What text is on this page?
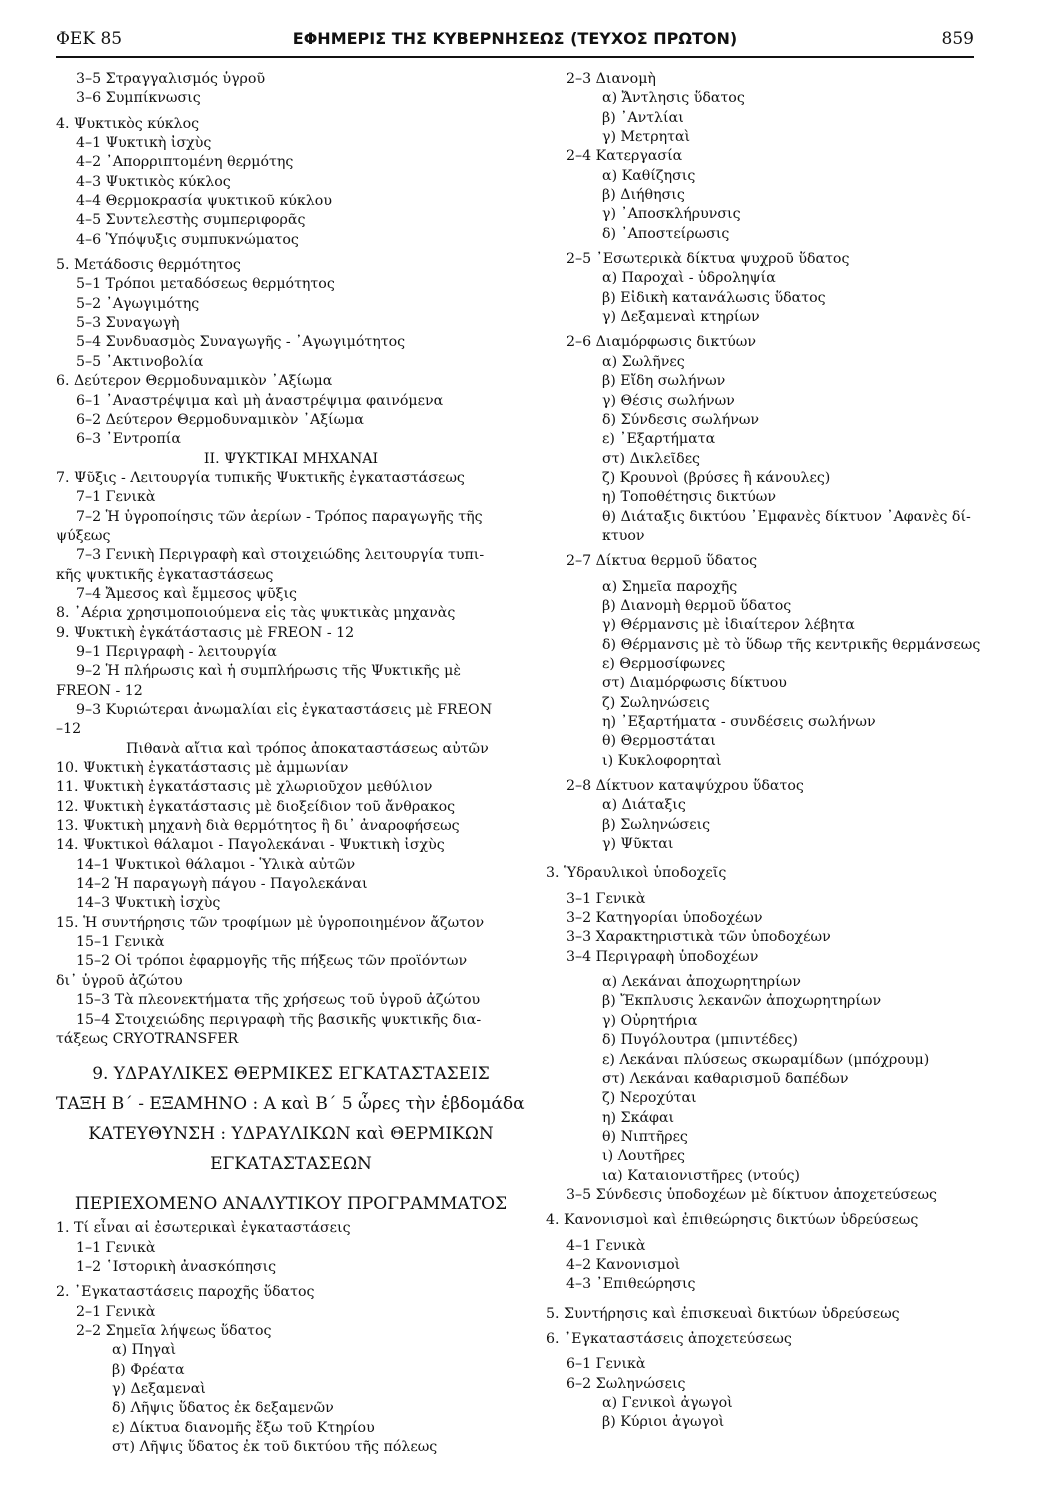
ΦΕΚ 85	ΕΦΗΜΕΡΙΣ ΤΗΣ ΚΥΒΕΡΝΗΣΕΩΣ (ΤΕΥΧΟΣ ΠΡΩΤΟΝ)	859
3–5 Στραγγαλισμός ὑγροῦ
3–6 Συμπίκνωσις
4. Ψυκτικὸς κύκλος
4–1 Ψυκτικὴ ἰσχὺς
4–2 ᾿Απορριπτομένη θερμότης
4–3 Ψυκτικὸς κύκλος
4–4 Θερμοκρασία ψυκτικοῦ κύκλου
4–5 Συντελεστὴς συμπεριφορᾶς
4–6 Ὑπόψυξις συμπυκνώματος
5. Μετάδοσις θερμότητος
5–1 Τρόποι μεταδόσεως θερμότητος
5–2 ᾿Αγωγιμότης
5–3 Συναγωγὴ
5–4 Συνδυασμὸς Συναγωγῆς - ᾿Αγωγιμότητος
5–5 ᾿Ακτινοβολία
6. Δεύτερον Θερμοδυναμικὸν ᾿Αξίωμα
6–1 ᾿Αναστρέψιμα καὶ μὴ ἀναστρέψιμα φαινόμενα
6–2 Δεύτερον Θερμοδυναμικὸν ᾿Αξίωμα
6–3 ᾿Εντροπία
ΙΙ. ΨΥΚΤΙΚΑΙ ΜΗΧΑΝΑΙ
7. Ψῦξις - Λειτουργία τυπικῆς Ψυκτικῆς ἐγκαταστάσεως
7–1 Γενικὰ
7–2 Ἡ ὑγροποίησις τῶν ἀερίων - Τρόπος παραγωγῆς τῆς
ψύξεως
7–3 Γενικὴ Περιγραφὴ καὶ στοιχειώδης λειτουργία τυπι-
κῆς ψυκτικῆς ἐγκαταστάσεως
7–4 Ἄμεσος καὶ ἔμμεσος ψῦξις
8. ᾿Αέρια χρησιμοποιούμενα εἰς τὰς ψυκτικὰς μηχανὰς
9. Ψυκτικὴ ἐγκάτάστασις μὲ FREON - 12
9–1 Περιγραφὴ - λειτουργία
9–2 Ἡ πλήρωσις καὶ ἡ συμπλήρωσις τῆς Ψυκτικῆς μὲ
FREON - 12
9–3 Κυριώτεραι ἀνωμαλίαι εἰς ἐγκαταστάσεις μὲ FREON
–12
Πιθανὰ αἴτια καὶ τρόπος ἀποκαταστάσεως αὐτῶν
10. Ψυκτικὴ ἐγκατάστασις μὲ ἀμμωνίαν
11. Ψυκτικὴ ἐγκατάστασις μὲ χλωριοῦχον μεθύλιον
12. Ψυκτικὴ ἐγκατάστασις μὲ διοξείδιον τοῦ ἄνθρακος
13. Ψυκτικὴ μηχανὴ διὰ θερμότητος ἢ δι᾿ ἀναροφήσεως
14. Ψυκτικοὶ θάλαμοι - Παγολεκάναι - Ψυκτικὴ ἰσχὺς
14–1 Ψυκτικοὶ θάλαμοι - Ὑλικὰ αὐτῶν
14–2 Ἡ παραγωγὴ πάγου - Παγολεκάναι
14–3 Ψυκτικὴ ἰσχὺς
15. Ἡ συντήρησις τῶν τροφίμων μὲ ὑγροποιημένον ἄζωτον
15–1 Γενικὰ
15–2 Οἱ τρόποι ἐφαρμογῆς τῆς πήξεως τῶν προϊόντων
δι᾿ ὑγροῦ ἀζώτου
15–3 Τὰ πλεονεκτήματα τῆς χρήσεως τοῦ ὑγροῦ ἀζώτου
15–4 Στοιχειώδης περιγραφὴ τῆς βασικῆς ψυκτικῆς δια-
τάξεως CRYOTRANSFER
9. ΥΔΡΑΥΛΙΚΕΣ ΘΕΡΜΙΚΕΣ ΕΓΚΑΤΑΣΤΑΣΕΙΣ
ΤΑΞΗ Β΄ - ΕΞΑΜΗΝΟ : Α καὶ Β΄ 5 ὧρες τὴν ἑβδομάδα
ΚΑΤΕΥΘΥΝΣΗ : ΥΔΡΑΥΛΙΚΩΝ καὶ ΘΕΡΜΙΚΩΝ
ΕΓΚΑΤΑΣΤΑΣΕΩΝ
ΠΕΡΙΕΧΟΜΕΝΟ ΑΝΑΛΥΤΙΚΟΥ ΠΡΟΓΡΑΜΜΑΤΟΣ
1. Τί εἶναι αἱ ἐσωτερικαὶ ἐγκαταστάσεις
1–1 Γενικὰ
1–2 ῾Ιστορικὴ ἀνασκόπησις
2. ᾿Εγκαταστάσεις παροχῆς ὕδατος
2–1 Γενικὰ
2–2 Σημεῖα λήψεως ὕδατος
α) Πηγαὶ
β) Φρέατα
γ) Δεξαμεναὶ
δ) Λῆψις ὕδατος ἐκ δεξαμενῶν
ε) Δίκτυα διανομῆς ἔξω τοῦ Κτηρίου
στ) Λῆψις ὕδατος ἐκ τοῦ δικτύου τῆς πόλεως
2–3 Διανομὴ
α) Ἄντλησις ὕδατος
β) ᾿Αντλίαι
γ) Μετρηταὶ
2–4 Κατεργασία
α) Καθίζησις
β) Διήθησις
γ) ᾿Αποσκλήρυνσις
δ) ᾿Αποστείρωσις
2–5 ᾿Εσωτερικὰ δίκτυα ψυχροῦ ὕδατος
α) Παροχαὶ - ὑδροληψία
β) Εἰδικὴ κατανάλωσις ὕδατος
γ) Δεξαμεναὶ κτηρίων
2–6 Διαμόρφωσις δικτύων
α) Σωλῆνες
β) Εἴδη σωλήνων
γ) Θέσις σωλήνων
δ) Σύνδεσις σωλήνων
ε) ᾿Εξαρτήματα
στ) Δικλεῖδες
ζ) Κρουνοὶ (βρύσες ἢ κάνουλες)
η) Τοποθέτησις δικτύων
θ) Διάταξις δικτύου ᾿Εμφανὲς δίκτυον ᾿Αφανὲς δί-
κτυον
2–7 Δίκτυα θερμοῦ ὕδατος
α) Σημεῖα παροχῆς
β) Διανομὴ θερμοῦ ὕδατος
γ) Θέρμανσις μὲ ἰδιαίτερον λέβητα
δ) Θέρμανσις μὲ τὸ ὕδωρ τῆς κεντρικῆς θερμάνσεως
ε) Θερμοσίφωνες
στ) Διαμόρφωσις δίκτυου
ζ) Σωληνώσεις
η) ᾿Εξαρτήματα - συνδέσεις σωλήνων
θ) Θερμοστάται
ι) Κυκλοφορηταὶ
2–8 Δίκτυον καταψύχρου ὕδατος
α) Διάταξις
β) Σωληνώσεις
γ) Ψῦκται
3. Ὑδραυλικοὶ ὑποδοχεῖς
3–1 Γενικὰ
3–2 Κατηγορίαι ὑποδοχέων
3–3 Χαρακτηριστικὰ τῶν ὑποδοχέων
3–4 Περιγραφὴ ὑποδοχέων
α) Λεκάναι ἀποχωρητηρίων
β) Ἔκπλυσις λεκανῶν ἀποχωρητηρίων
γ) Οὐρητήρια
δ) Πυγόλουτρα (μπιντέδες)
ε) Λεκάναι πλύσεως σκωραμίδων (μπόχρουμ)
στ) Λεκάναι καθαρισμοῦ δαπέδων
ζ) Νεροχύται
η) Σκάφαι
θ) Νιπτῆρες
ι) Λουτῆρες
ια) Καταιονιστῆρες (ντούς)
3–5 Σύνδεσις ὑποδοχέων μὲ δίκτυον ἀποχετεύσεως
4. Κανονισμοὶ καὶ ἐπιθεώρησις δικτύων ὑδρεύσεως
4–1 Γενικὰ
4–2 Κανονισμοὶ
4–3 ᾿Επιθεώρησις
5. Συντήρησις καὶ ἐπισκευαὶ δικτύων ὑδρεύσεως
6. ᾿Εγκαταστάσεις ἀποχετεύσεως
6–1 Γενικὰ
6–2 Σωληνώσεις
α) Γενικοὶ ἀγωγοὶ
β) Κύριοι ἀγωγοὶ
